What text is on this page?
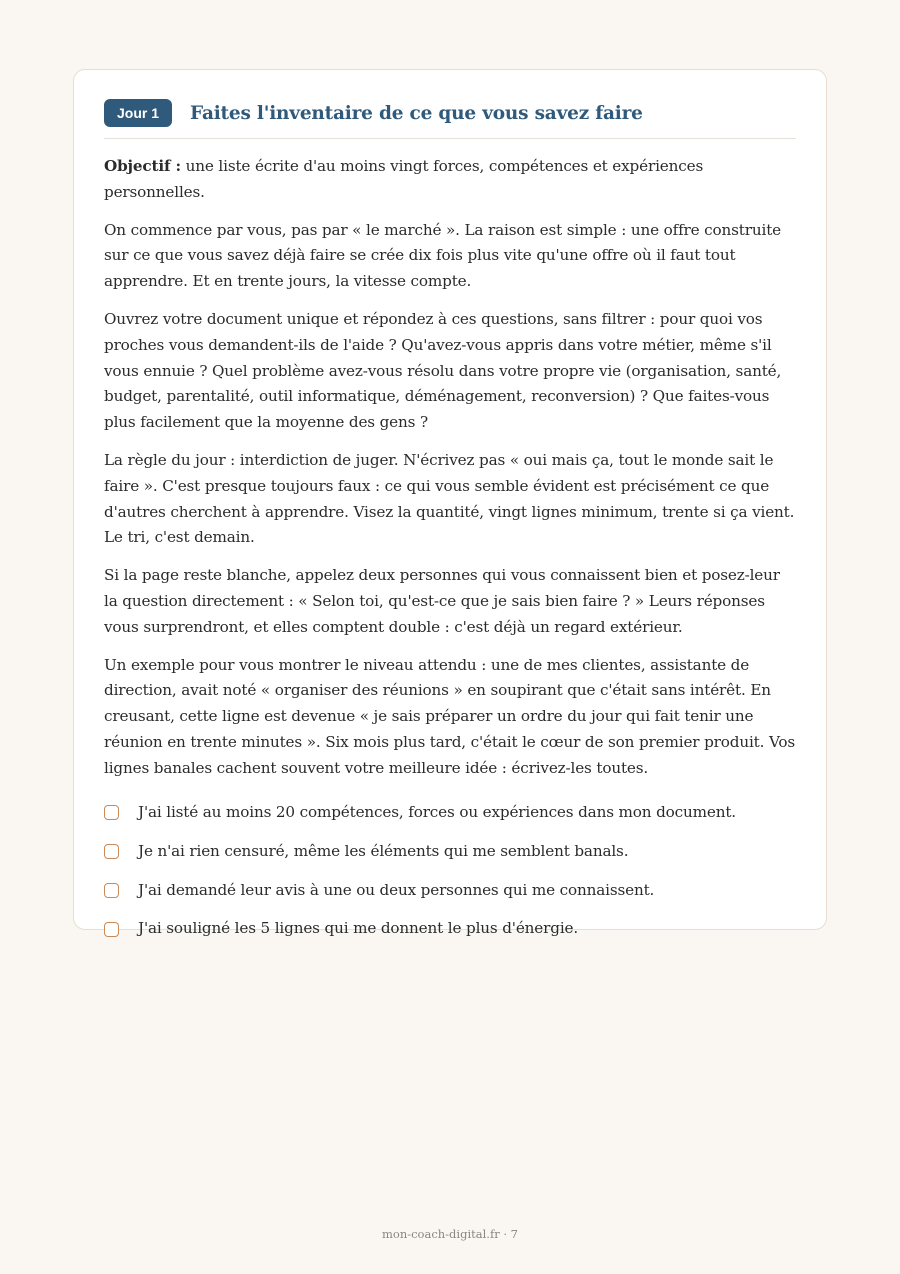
Jour 1	Faites l'inventaire de ce que vous savez faire

Objectif : une liste écrite d'au moins vingt forces, compétences et expériences personnelles.

On commence par vous, pas par « le marché ». La raison est simple : une offre construite sur ce que vous savez déjà faire se crée dix fois plus vite qu'une offre où il faut tout apprendre. Et en trente jours, la vitesse compte.

Ouvrez votre document unique et répondez à ces questions, sans filtrer : pour quoi vos proches vous demandent-ils de l'aide ? Qu'avez-vous appris dans votre métier, même s'il vous ennuie ? Quel problème avez-vous résolu dans votre propre vie (organisation, santé, budget, parentalité, outil informatique, déménagement, reconversion) ? Que faites-vous plus facilement que la moyenne des gens ?

La règle du jour : interdiction de juger. N'écrivez pas « oui mais ça, tout le monde sait le faire ». C'est presque toujours faux : ce qui vous semble évident est précisément ce que d'autres cherchent à apprendre. Visez la quantité, vingt lignes minimum, trente si ça vient. Le tri, c'est demain.

Si la page reste blanche, appelez deux personnes qui vous connaissent bien et posez-leur la question directement : « Selon toi, qu'est-ce que je sais bien faire ? » Leurs réponses vous surprendront, et elles comptent double : c'est déjà un regard extérieur.

Un exemple pour vous montrer le niveau attendu : une de mes clientes, assistante de direction, avait noté « organiser des réunions » en soupirant que c'était sans intérêt. En creusant, cette ligne est devenue « je sais préparer un ordre du jour qui fait tenir une réunion en trente minutes ». Six mois plus tard, c'était le cœur de son premier produit. Vos lignes banales cachent souvent votre meilleure idée : écrivez-les toutes.

J'ai listé au moins 20 compétences, forces ou expériences dans mon document.
Je n'ai rien censuré, même les éléments qui me semblent banals.
J'ai demandé leur avis à une ou deux personnes qui me connaissent.
J'ai souligné les 5 lignes qui me donnent le plus d'énergie.
mon-coach-digital.fr · 7
